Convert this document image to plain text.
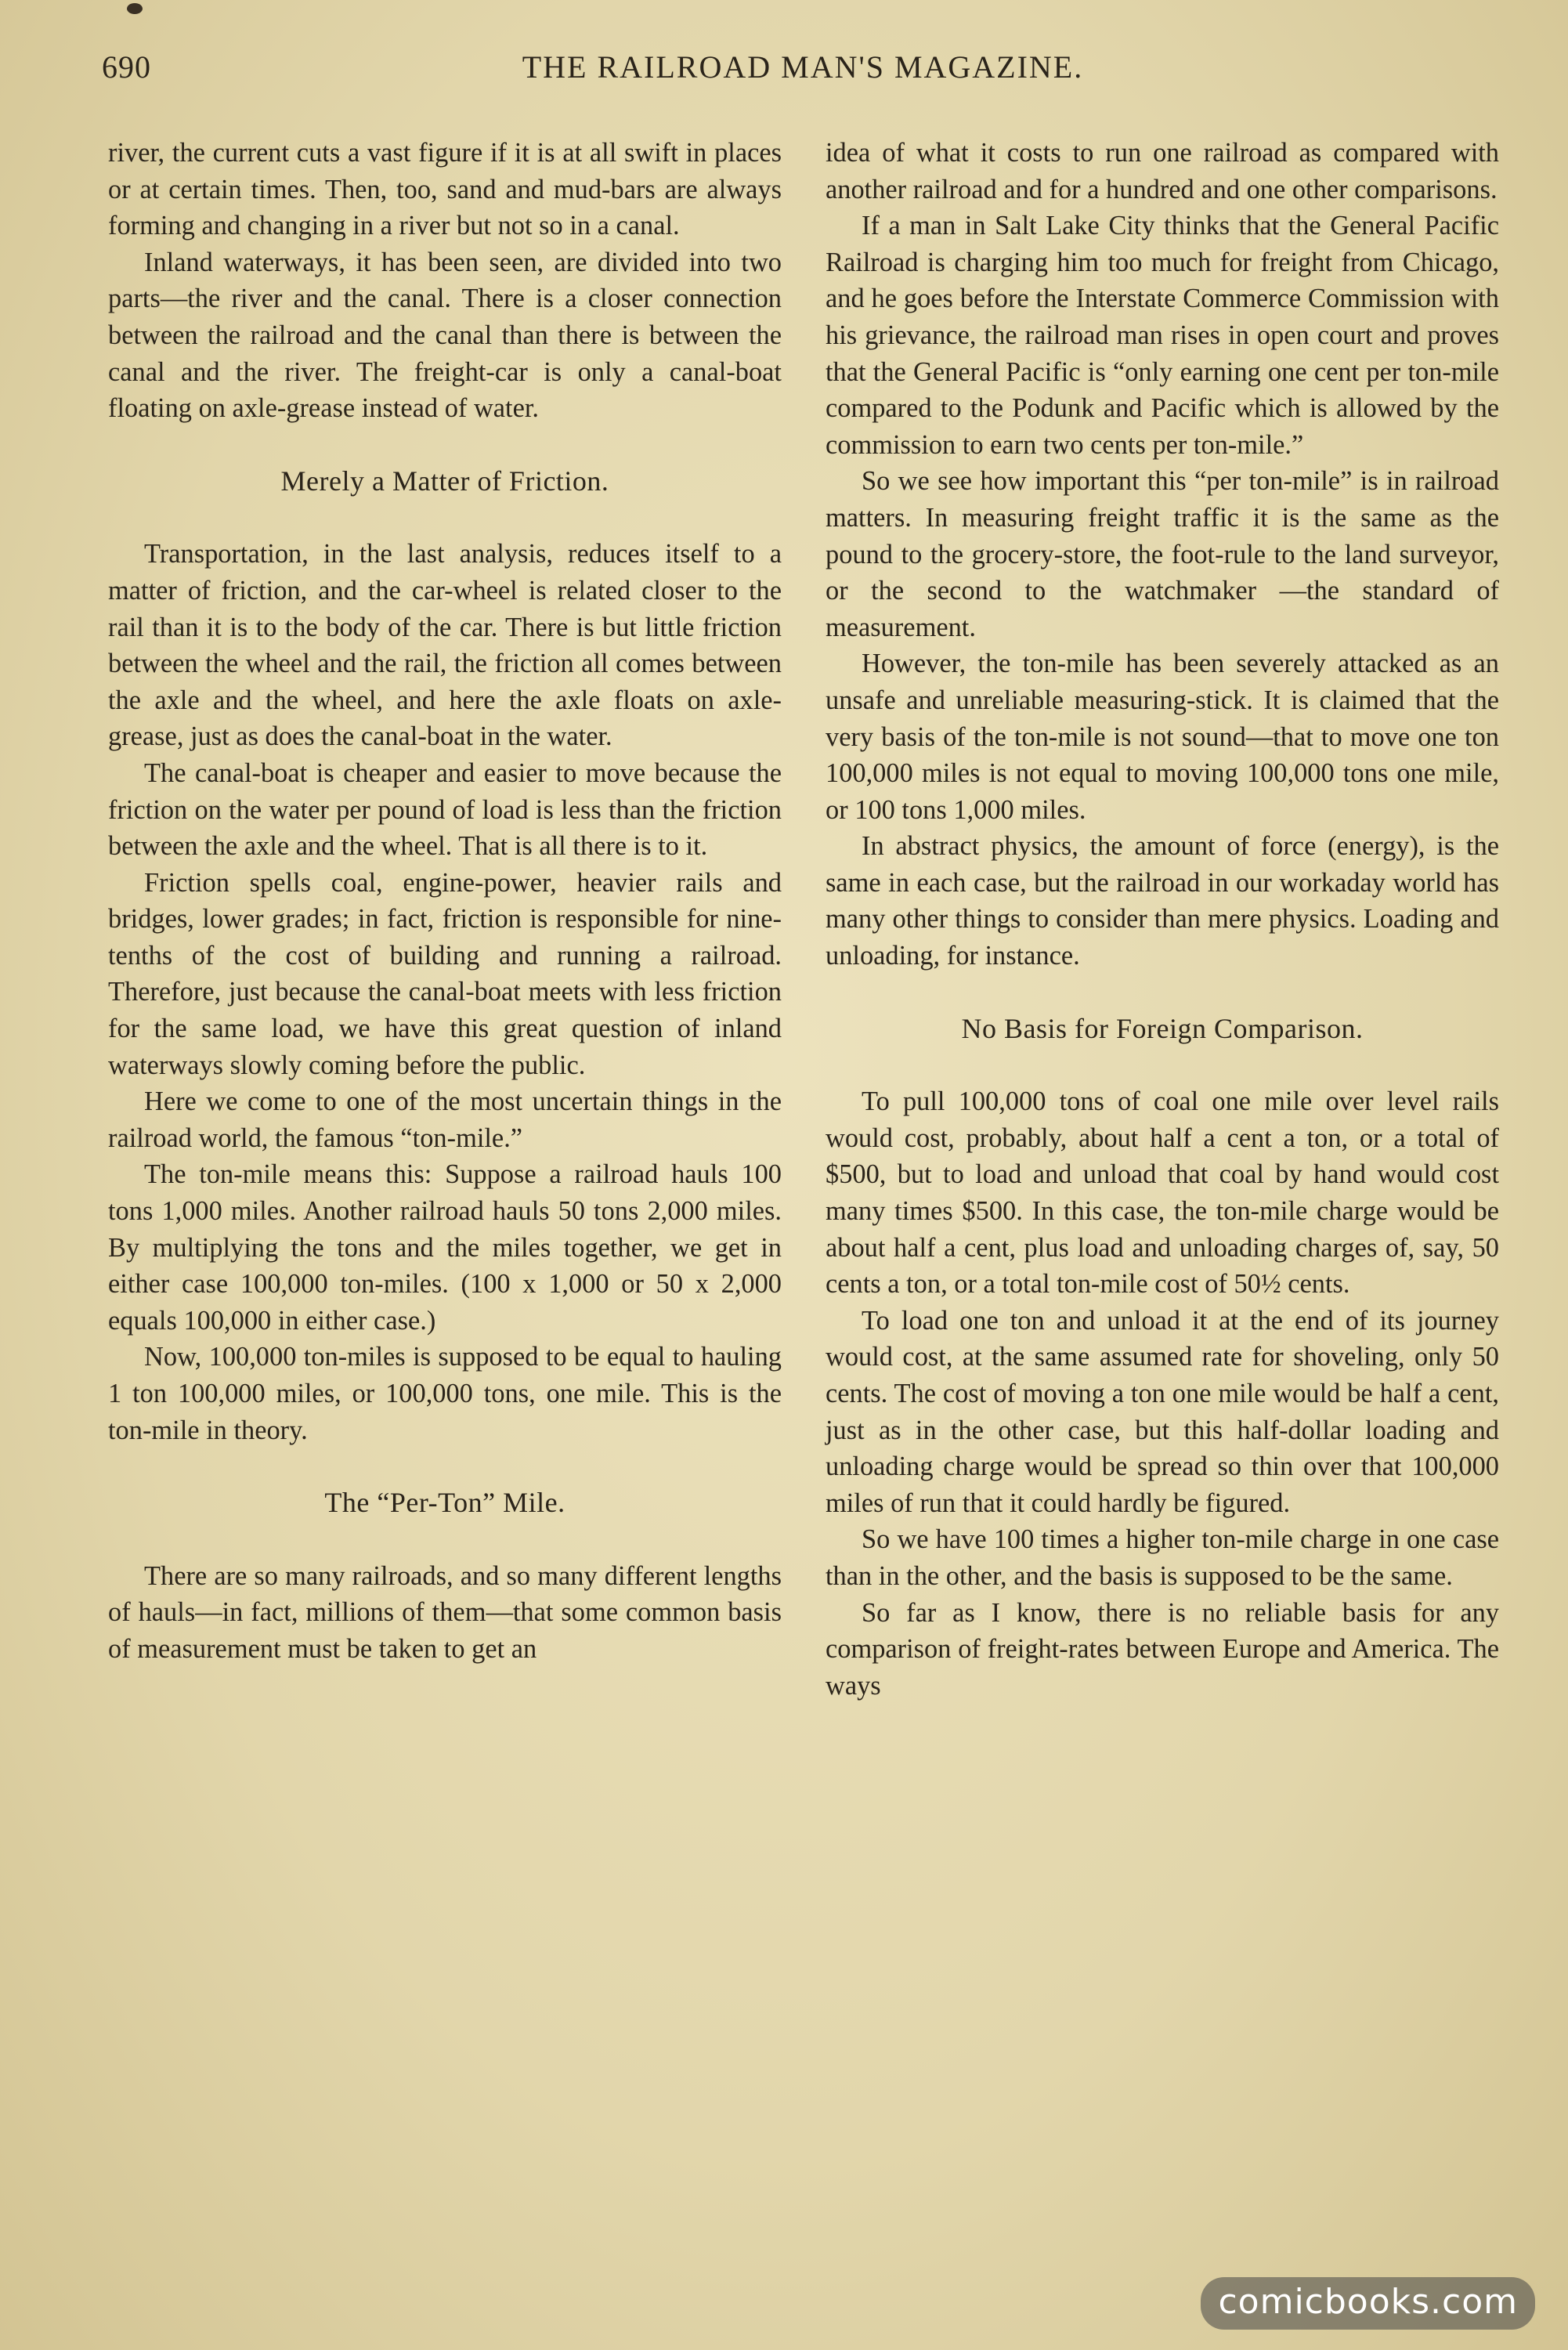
690	THE RAILROAD MAN'S MAGAZINE.

river, the current cuts a vast figure if it is at all swift in places or at certain times. Then, too, sand and mud-bars are always forming and changing in a river but not so in a canal.

Inland waterways, it has been seen, are divided into two parts—the river and the canal. There is a closer connection between the railroad and the canal than there is between the canal and the river. The freight-car is only a canal-boat floating on axle-grease instead of water.

Merely a Matter of Friction.

Transportation, in the last analysis, reduces itself to a matter of friction, and the car-wheel is related closer to the rail than it is to the body of the car. There is but little friction between the wheel and the rail, the friction all comes between the axle and the wheel, and here the axle floats on axle-grease, just as does the canal-boat in the water.

The canal-boat is cheaper and easier to move because the friction on the water per pound of load is less than the friction between the axle and the wheel. That is all there is to it.

Friction spells coal, engine-power, heavier rails and bridges, lower grades; in fact, friction is responsible for nine-tenths of the cost of building and running a railroad. Therefore, just because the canal-boat meets with less friction for the same load, we have this great question of inland waterways slowly coming before the public.

Here we come to one of the most uncertain things in the railroad world, the famous “ton-mile.”

The ton-mile means this: Suppose a railroad hauls 100 tons 1,000 miles. Another railroad hauls 50 tons 2,000 miles. By multiplying the tons and the miles together, we get in either case 100,000 ton-miles. (100 x 1,000 or 50 x 2,000 equals 100,000 in either case.)

Now, 100,000 ton-miles is supposed to be equal to hauling 1 ton 100,000 miles, or 100,000 tons, one mile. This is the ton-mile in theory.

The “Per-Ton” Mile.

There are so many railroads, and so many different lengths of hauls—in fact, millions of them—that some common basis of measurement must be taken to get an

idea of what it costs to run one railroad as compared with another railroad and for a hundred and one other comparisons.

If a man in Salt Lake City thinks that the General Pacific Railroad is charging him too much for freight from Chicago, and he goes before the Interstate Commerce Commission with his grievance, the railroad man rises in open court and proves that the General Pacific is “only earning one cent per ton-mile compared to the Podunk and Pacific which is allowed by the commission to earn two cents per ton-mile.”

So we see how important this “per ton-mile” is in railroad matters. In measuring freight traffic it is the same as the pound to the grocery-store, the foot-rule to the land surveyor, or the second to the watchmaker —the standard of measurement.

However, the ton-mile has been severely attacked as an unsafe and unreliable measuring-stick. It is claimed that the very basis of the ton-mile is not sound—that to move one ton 100,000 miles is not equal to moving 100,000 tons one mile, or 100 tons 1,000 miles.

In abstract physics, the amount of force (energy), is the same in each case, but the railroad in our workaday world has many other things to consider than mere physics. Loading and unloading, for instance.

No Basis for Foreign Comparison.

To pull 100,000 tons of coal one mile over level rails would cost, probably, about half a cent a ton, or a total of $500, but to load and unload that coal by hand would cost many times $500. In this case, the ton-mile charge would be about half a cent, plus load and unloading charges of, say, 50 cents a ton, or a total ton-mile cost of 50½ cents.

To load one ton and unload it at the end of its journey would cost, at the same assumed rate for shoveling, only 50 cents. The cost of moving a ton one mile would be half a cent, just as in the other case, but this half-dollar loading and unloading charge would be spread so thin over that 100,000 miles of run that it could hardly be figured.

So we have 100 times a higher ton-mile charge in one case than in the other, and the basis is supposed to be the same.

So far as I know, there is no reliable basis for any comparison of freight-rates between Europe and America. The ways

comicbooks.com
